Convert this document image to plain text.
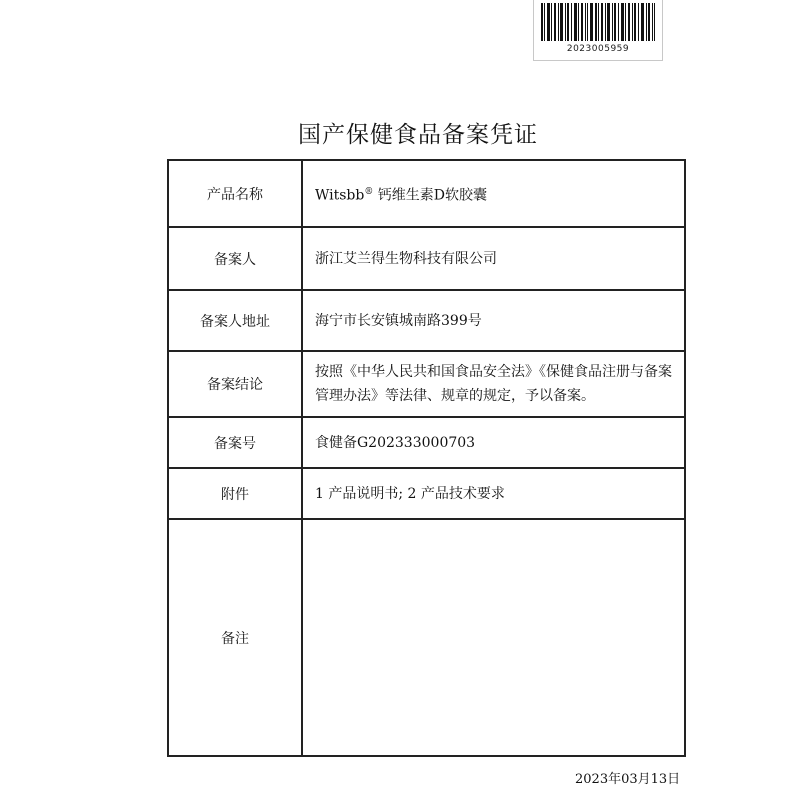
2023005959
国产保健食品备案凭证
产品名称	Witsbb® 钙维生素D软胶囊
备案人	浙江艾兰得生物科技有限公司
备案人地址	海宁市长安镇城南路399号
备案结论	按照《中华人民共和国食品安全法》《保健食品注册与备案管理办法》等法律、规章的规定，予以备案。
备案号	食健备G202333000703
附件	1 产品说明书; 2 产品技术要求
备注	
2023年03月13日
